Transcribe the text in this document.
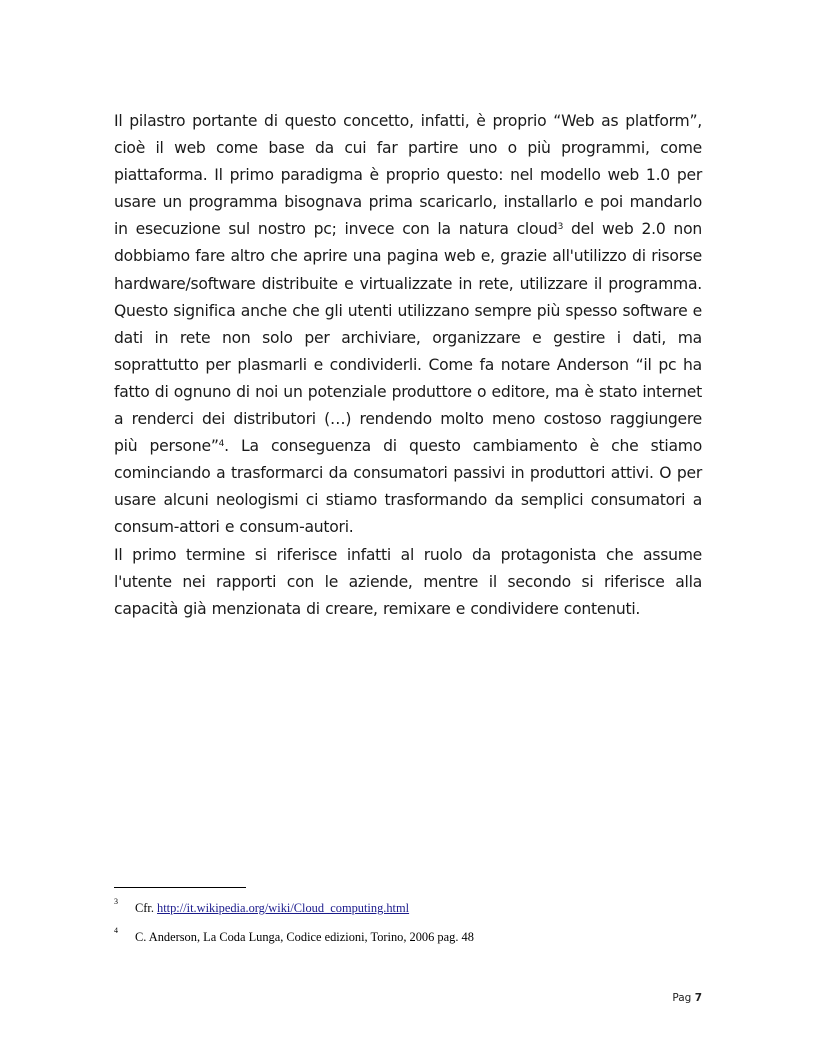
Il pilastro portante di questo concetto, infatti, è proprio “Web as platform”, cioè il web come base da cui far partire uno o più programmi, come piattaforma. Il primo paradigma è proprio questo: nel modello web 1.0 per usare un programma bisognava prima scaricarlo, installarlo e poi mandarlo in esecuzione sul nostro pc; invece con la natura cloud$^3$ del web 2.0 non dobbiamo fare altro che aprire una pagina web e, grazie all'utilizzo di risorse hardware/software distribuite e virtualizzate in rete, utilizzare il programma. Questo significa anche che gli utenti utilizzano sempre più spesso software e dati in rete non solo per archiviare, organizzare e gestire i dati, ma soprattutto per plasmarli e condividerli. Come fa notare Anderson “il pc ha fatto di ognuno di noi un potenziale produttore o editore, ma è stato internet a renderci dei distributori (…) rendendo molto meno costoso raggiungere più persone”$^4$. La conseguenza di questo cambiamento è che stiamo cominciando a trasformarci da consumatori passivi in produttori attivi. O per usare alcuni neologismi ci stiamo trasformando da semplici consumatori a consum-attori e consum-autori.

Il primo termine si riferisce infatti al ruolo da protagonista che assume l'utente nei rapporti con le aziende, mentre il secondo si riferisce alla capacità già menzionata di creare, remixare e condividere contenuti.

3 Cfr. http://it.wikipedia.org/wiki/Cloud_computing.html
4 C. Anderson, La Coda Lunga, Codice edizioni, Torino, 2006 pag. 48
Pag 7
